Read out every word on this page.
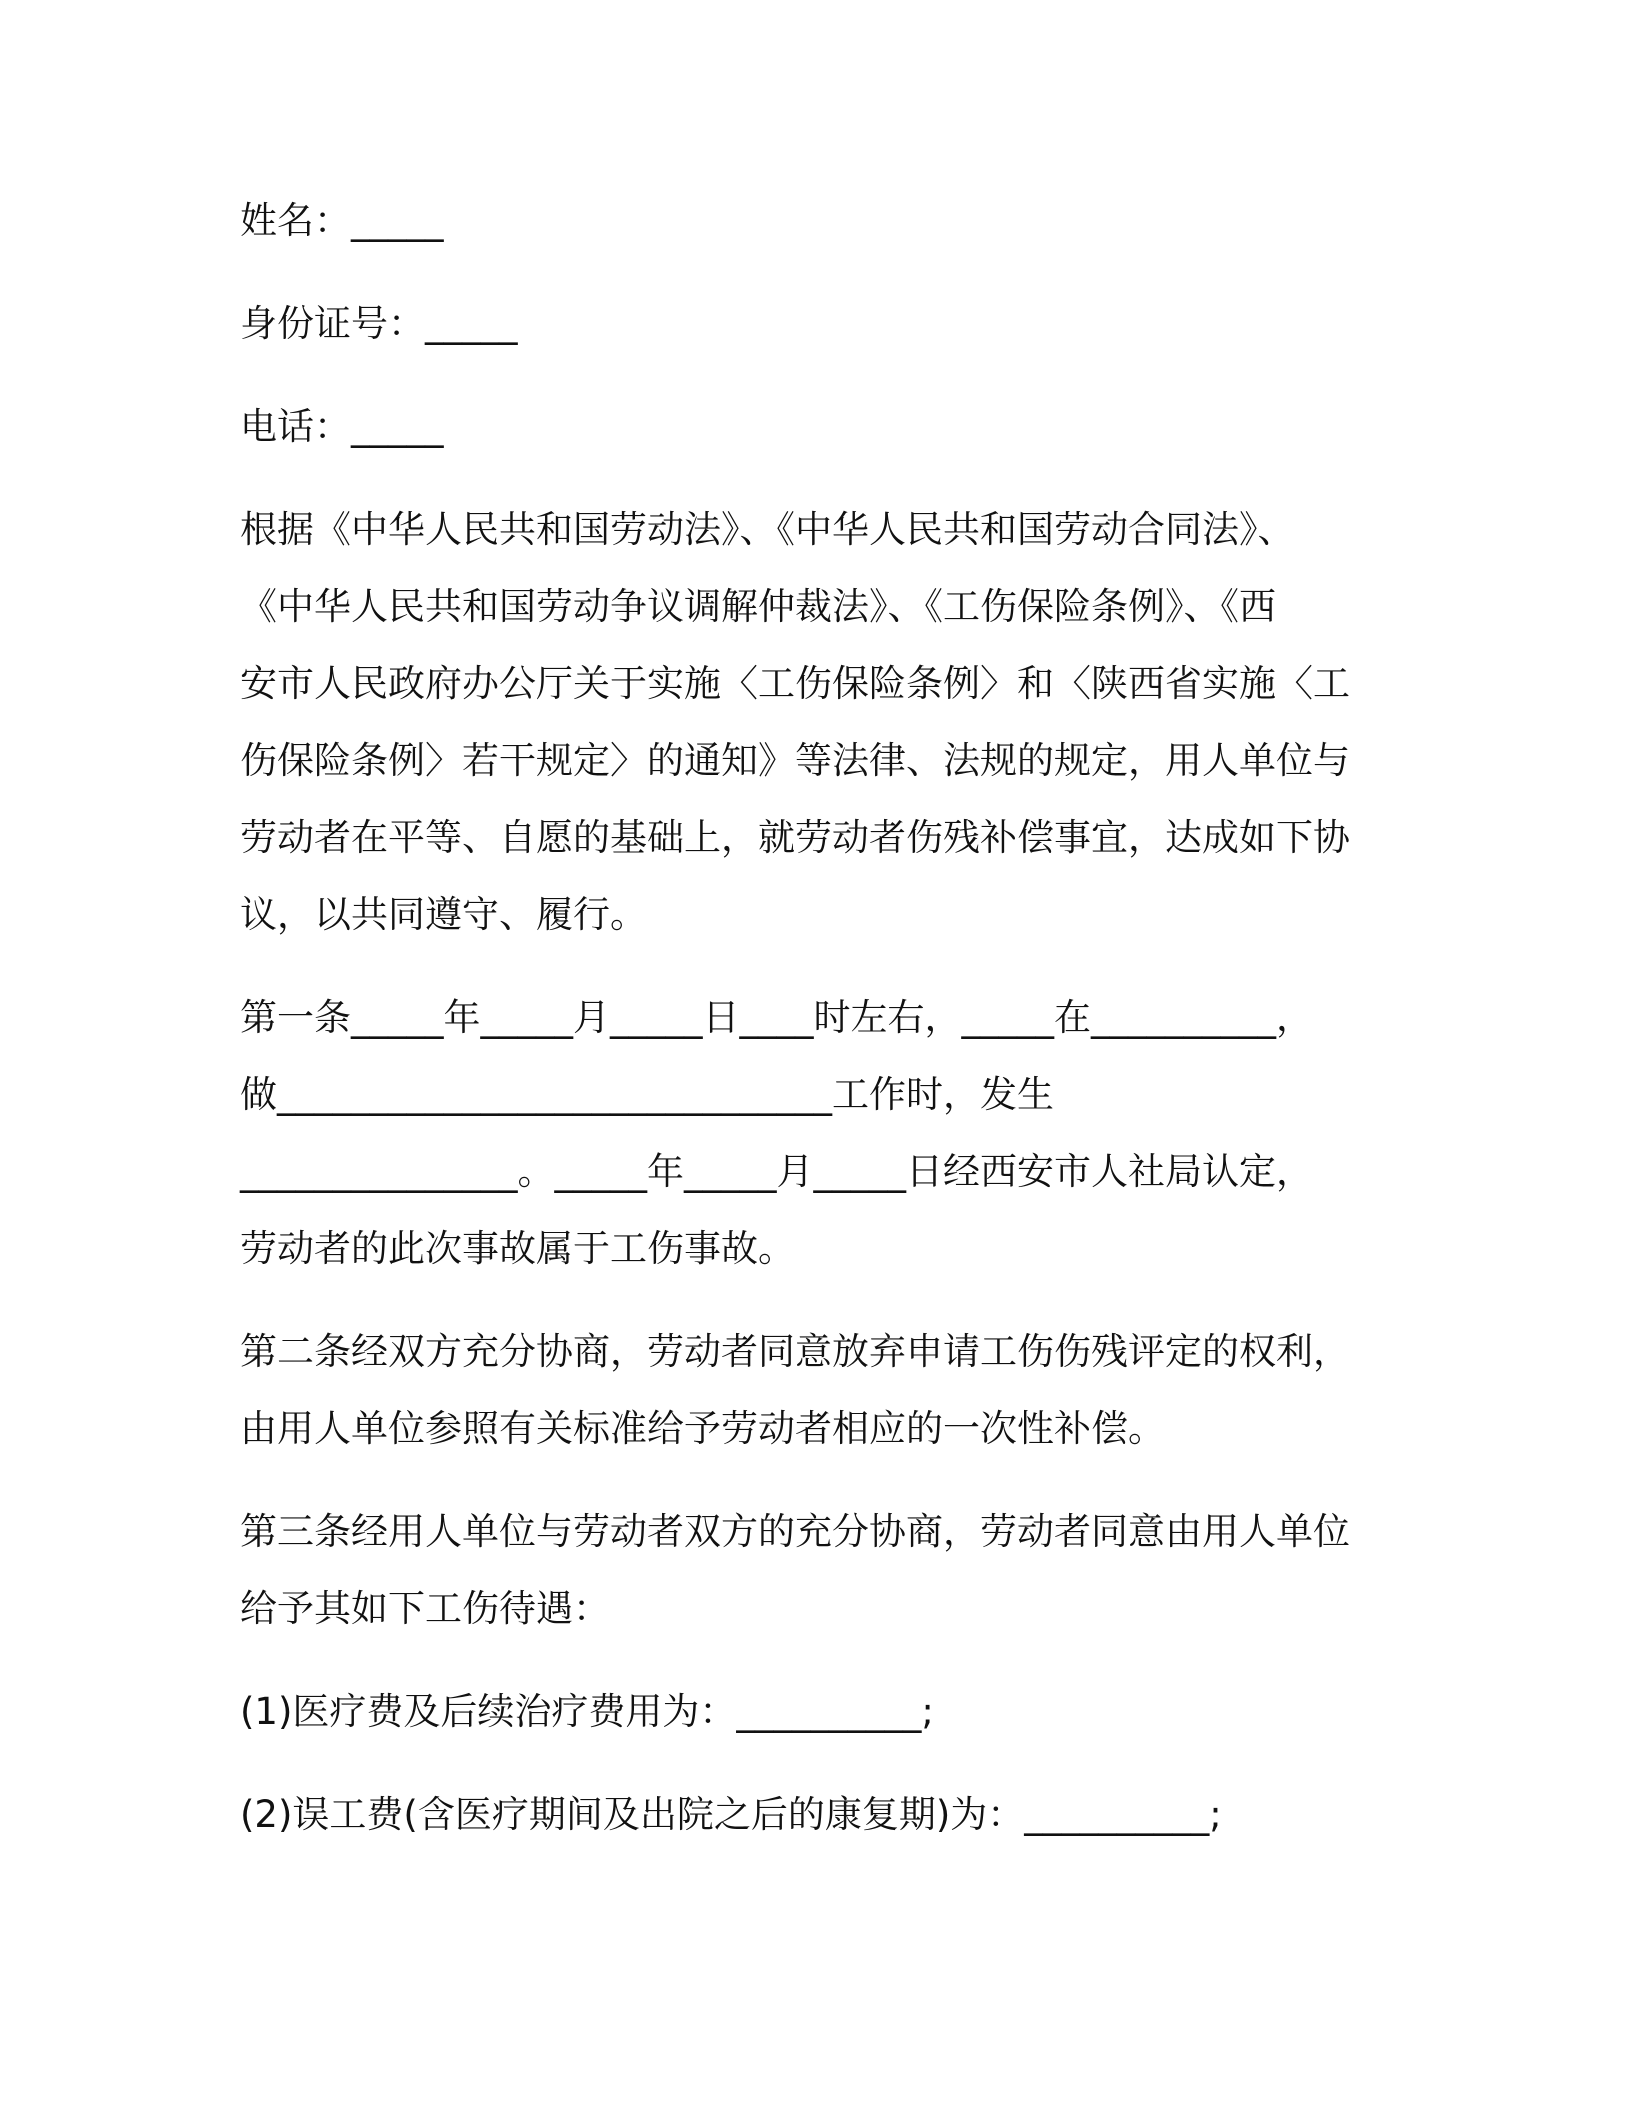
姓名：_____

身份证号：_____

电话：_____

根据《中华人民共和国劳动法》、《中华人民共和国劳动合同法》、

《中华人民共和国劳动争议调解仲裁法》、《工伤保险条例》、《西

安市人民政府办公厅关于实施〈工伤保险条例〉和〈陕西省实施〈工

伤保险条例〉若干规定〉的通知》等法律、法规的规定，用人单位与

劳动者在平等、自愿的基础上，就劳动者伤残补偿事宜，达成如下协

议，以共同遵守、履行。

第一条_____年_____月_____日____时左右，_____在__________，

做______________________________工作时，发生

_______________。_____年_____月_____日经西安市人社局认定，

劳动者的此次事故属于工伤事故。

第二条经双方充分协商，劳动者同意放弃申请工伤伤残评定的权利，

由用人单位参照有关标准给予劳动者相应的一次性补偿。

第三条经用人单位与劳动者双方的充分协商，劳动者同意由用人单位

给予其如下工伤待遇：

(1)医疗费及后续治疗费用为：__________;

(2)误工费(含医疗期间及出院之后的康复期)为：__________;
